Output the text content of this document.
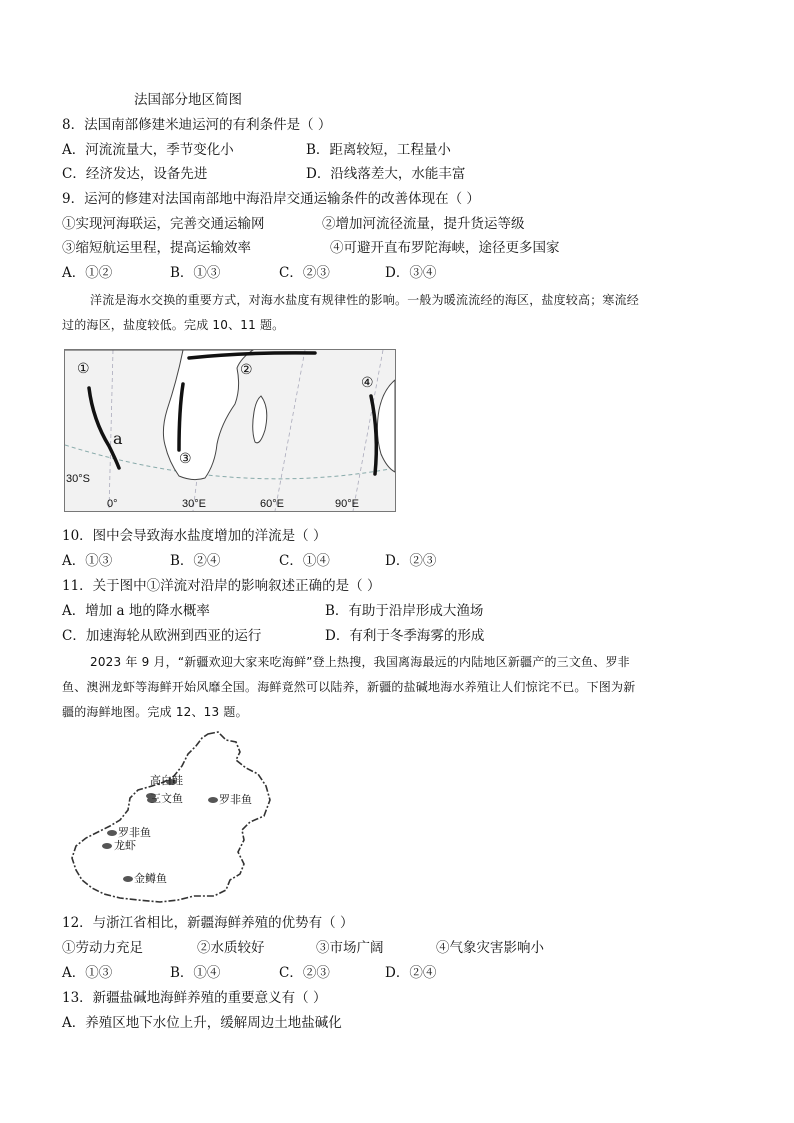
法国部分地区简图
8．法国南部修建米迪运河的有利条件是（ ）
A．河流流量大，季节变化小	B．距离较短，工程量小
C．经济发达，设备先进	D．沿线落差大，水能丰富
9．运河的修建对法国南部地中海沿岸交通运输条件的改善体现在（ ）
①实现河海联运，完善交通运输网	②增加河流径流量，提升货运等级
③缩短航运里程，提高运输效率	④可避开直布罗陀海峡，途径更多国家
A．①②	B．①③	C．②③	D．③④
洋流是海水交换的重要方式，对海水盐度有规律性的影响。一般为暖流流经的海区，盐度较高；寒流经
过的海区，盐度较低。完成 10、11 题。
①	②
③
④
a
30°S
0°	30°E	60°E	90°E
10．图中会导致海水盐度增加的洋流是（ ）
A．①③	B．②④	C．①④	D．②③
11．关于图中①洋流对沿岸的影响叙述正确的是（ ）
A．增加 a 地的降水概率	B．有助于沿岸形成大渔场
C．加速海轮从欧洲到西亚的运行	D．有利于冬季海雾的形成
2023 年 9 月，“新疆欢迎大家来吃海鲜”登上热搜，我国离海最远的内陆地区新疆产的三文鱼、罗非
鱼、澳洲龙虾等海鲜开始风靡全国。海鲜竟然可以陆养，新疆的盐碱地海水养殖让人们惊诧不已。下图为新
疆的海鲜地图。完成 12、13 题。
高白鲑
三文鱼	罗非鱼
罗非鱼
龙虾
金鳟鱼
12．与浙江省相比，新疆海鲜养殖的优势有（ ）
①劳动力充足	②水质较好	③市场广阔	④气象灾害影响小
A．①③	B．①④	C．②③	D．②④
13．新疆盐碱地海鲜养殖的重要意义有（ ）
A．养殖区地下水位上升，缓解周边土地盐碱化
